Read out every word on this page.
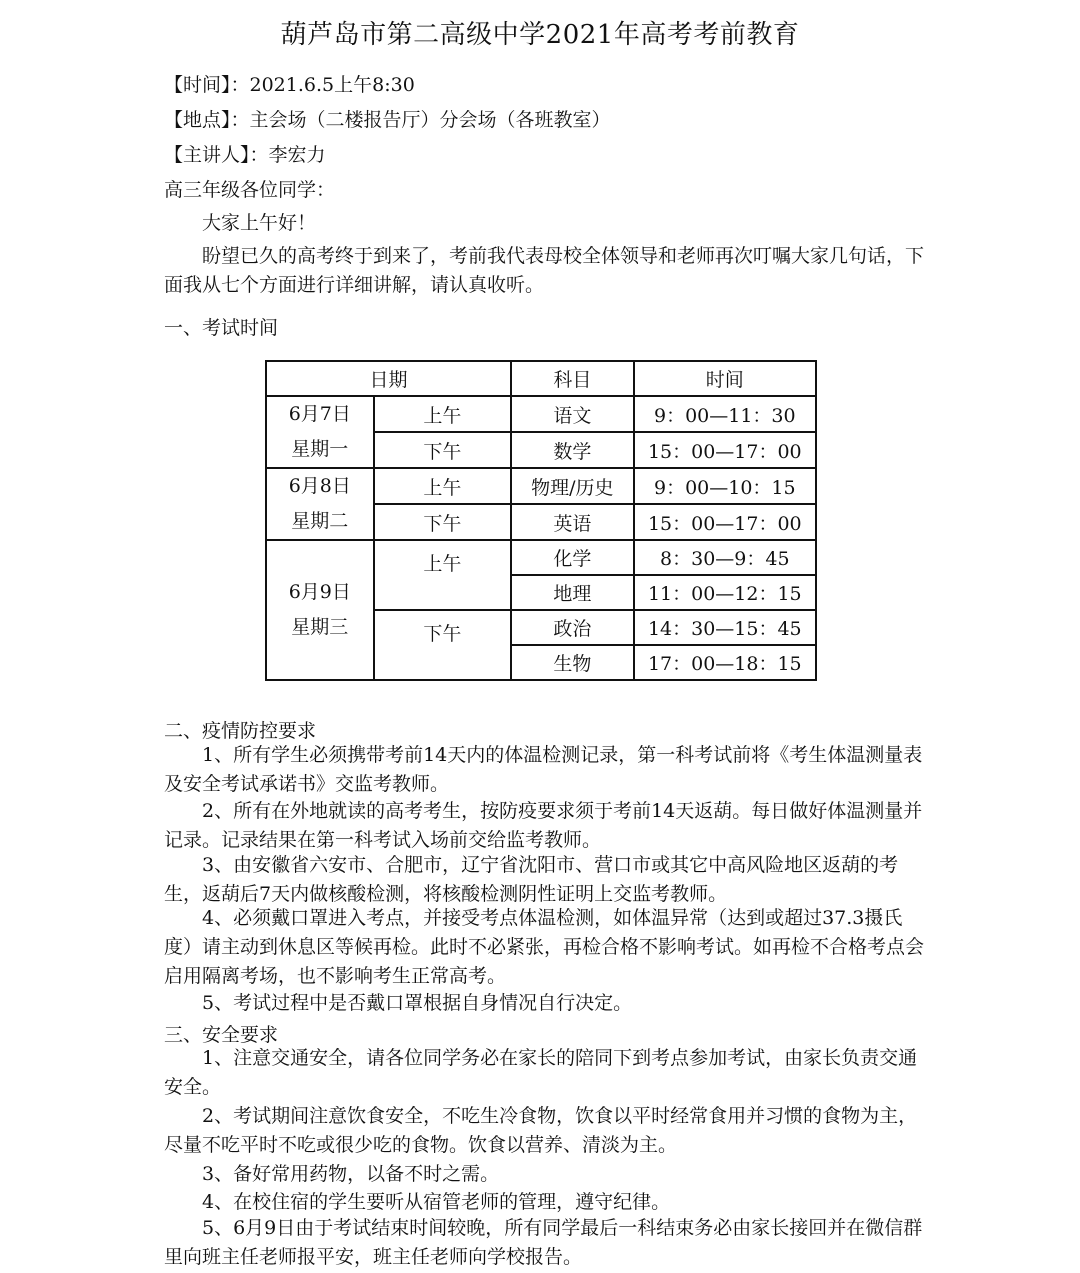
葫芦岛市第二高级中学2021年高考考前教育
【时间】：2021.6.5上午8:30
【地点】：主会场（二楼报告厅）分会场（各班教室）
【主讲人】：李宏力
高三年级各位同学：
大家上午好！
盼望已久的高考终于到来了，考前我代表母校全体领导和老师再次叮嘱大家几句话，下面我从七个方面进行详细讲解，请认真收听。
一、考试时间
日期		科目	时间

6月7日
星期一	上午	语文	9：00—11：30
	下午	数学	15：00—17：00

6月8日
星期二	上午	物理/历史	9：00—10：15
	下午	英语	15：00—17：00

6月9日
星期三	上午	化学	8：30—9：45
		地理	11：00—12：15
	下午	政治	14：30—15：45
		生物	17：00—18：15
二、疫情防控要求
1、所有学生必须携带考前14天内的体温检测记录，第一科考试前将《考生体温测量表及安全考试承诺书》交监考教师。
2、所有在外地就读的高考考生，按防疫要求须于考前14天返葫。每日做好体温测量并记录。记录结果在第一科考试入场前交给监考教师。
3、由安徽省六安市、合肥市，辽宁省沈阳市、营口市或其它中高风险地区返葫的考生，返葫后7天内做核酸检测，将核酸检测阴性证明上交监考教师。
4、必须戴口罩进入考点，并接受考点体温检测，如体温异常（达到或超过37.3摄氏度）请主动到休息区等候再检。此时不必紧张，再检合格不影响考试。如再检不合格考点会启用隔离考场，也不影响考生正常高考。
5、考试过程中是否戴口罩根据自身情况自行决定。
三、安全要求
1、注意交通安全，请各位同学务必在家长的陪同下到考点参加考试，由家长负责交通安全。
2、考试期间注意饮食安全，不吃生冷食物，饮食以平时经常食用并习惯的食物为主，尽量不吃平时不吃或很少吃的食物。饮食以营养、清淡为主。
3、备好常用药物，以备不时之需。
4、在校住宿的学生要听从宿管老师的管理，遵守纪律。
5、6月9日由于考试结束时间较晚，所有同学最后一科结束务必由家长接回并在微信群里向班主任老师报平安，班主任老师向学校报告。
